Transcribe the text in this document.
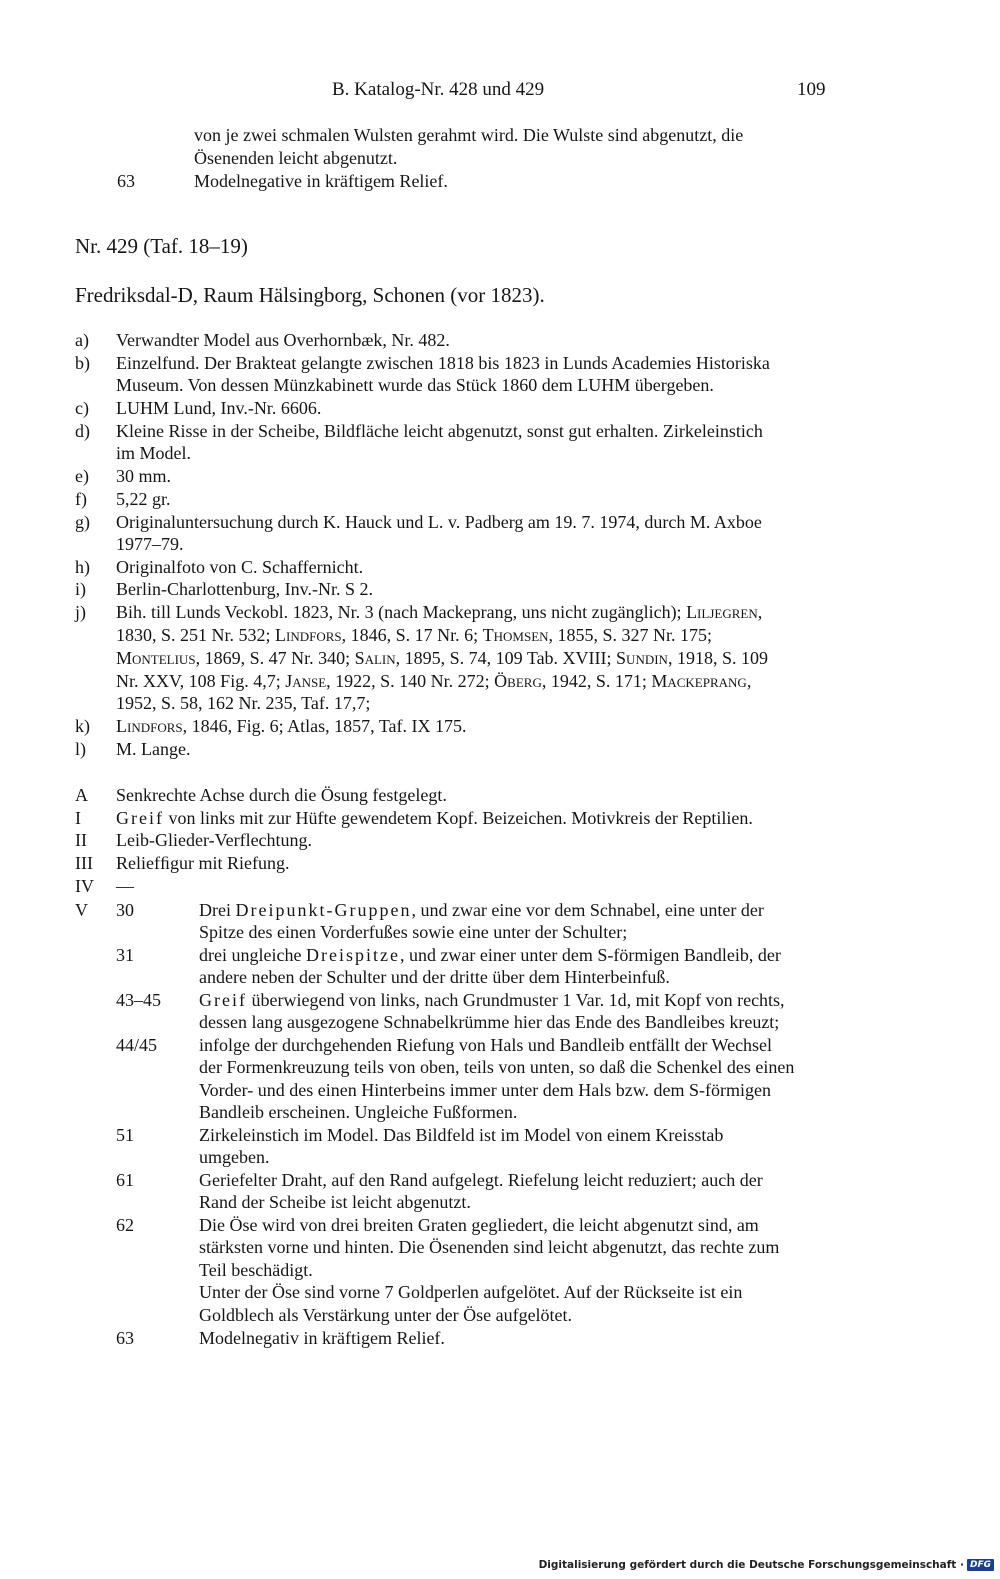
B. Katalog-Nr. 428 und 429	109
von je zwei schmalen Wulsten gerahmt wird. Die Wulste sind abgenutzt, die
Ösenenden leicht abgenutzt.
63	Modelnegative in kräftigem Relief.
Nr. 429 (Taf. 18–19)
Fredriksdal-D, Raum Hälsingborg, Schonen (vor 1823).
a) Verwandter Model aus Overhornbæk, Nr. 482.
b) Einzelfund. Der Brakteat gelangte zwischen 1818 bis 1823 in Lunds Academies Historiska
Museum. Von dessen Münzkabinett wurde das Stück 1860 dem LUHM übergeben.
c) LUHM Lund, Inv.-Nr. 6606.
d) Kleine Risse in der Scheibe, Bildfläche leicht abgenutzt, sonst gut erhalten. Zirkeleinstich
im Model.
e) 30 mm.
f) 5,22 gr.
g) Originaluntersuchung durch K. Hauck und L. v. Padberg am 19. 7. 1974, durch M. Axboe
1977–79.
h) Originalfoto von C. Schaffernicht.
i) Berlin-Charlottenburg, Inv.-Nr. S 2.
j) Bih. till Lunds Veckobl. 1823, Nr. 3 (nach Mackeprang, uns nicht zugänglich); Liljegren,
1830, S. 251 Nr. 532; Lindfors, 1846, S. 17 Nr. 6; Thomsen, 1855, S. 327 Nr. 175;
Montelius, 1869, S. 47 Nr. 340; Salin, 1895, S. 74, 109 Tab. XVIII; Sundin, 1918, S. 109
Nr. XXV, 108 Fig. 4,7; Janse, 1922, S. 140 Nr. 272; Öberg, 1942, S. 171; Mackeprang,
1952, S. 58, 162 Nr. 235, Taf. 17,7;
k) Lindfors, 1846, Fig. 6; Atlas, 1857, Taf. IX 175.
l) M. Lange.
A Senkrechte Achse durch die Ösung festgelegt.
I Greif von links mit zur Hüfte gewendetem Kopf. Beizeichen. Motivkreis der Reptilien.
II Leib-Glieder-Verflechtung.
III Reliefﬁgur mit Riefung.
IV —
V 30	Drei Dreipunkt-Gruppen, und zwar eine vor dem Schnabel, eine unter der
Spitze des einen Vorderfußes sowie eine unter der Schulter;
31	drei ungleiche Dreispitze, und zwar einer unter dem S-förmigen Bandleib, der
andere neben der Schulter und der dritte über dem Hinterbeinfuß.
43–45 Greif überwiegend von links, nach Grundmuster 1 Var. 1d, mit Kopf von rechts,
dessen lang ausgezogene Schnabelkrümme hier das Ende des Bandleibes kreuzt;
44/45 infolge der durchgehenden Riefung von Hals und Bandleib entfällt der Wechsel
der Formenkreuzung teils von oben, teils von unten, so daß die Schenkel des einen
Vorder- und des einen Hinterbeins immer unter dem Hals bzw. dem S-förmigen
Bandleib erscheinen. Ungleiche Fußformen.
51	Zirkeleinstich im Model. Das Bildfeld ist im Model von einem Kreisstab
umgeben.
61	Geriefelter Draht, auf den Rand aufgelegt. Riefelung leicht reduziert; auch der
Rand der Scheibe ist leicht abgenutzt.
62	Die Öse wird von drei breiten Graten gegliedert, die leicht abgenutzt sind, am
stärksten vorne und hinten. Die Ösenenden sind leicht abgenutzt, das rechte zum
Teil beschädigt.
Unter der Öse sind vorne 7 Goldperlen aufgelötet. Auf der Rückseite ist ein
Goldblech als Verstärkung unter der Öse aufgelötet.
63	Modelnegativ in kräftigem Relief.
Digitalisierung gefördert durch die Deutsche Forschungsgemeinschaft · DFG
